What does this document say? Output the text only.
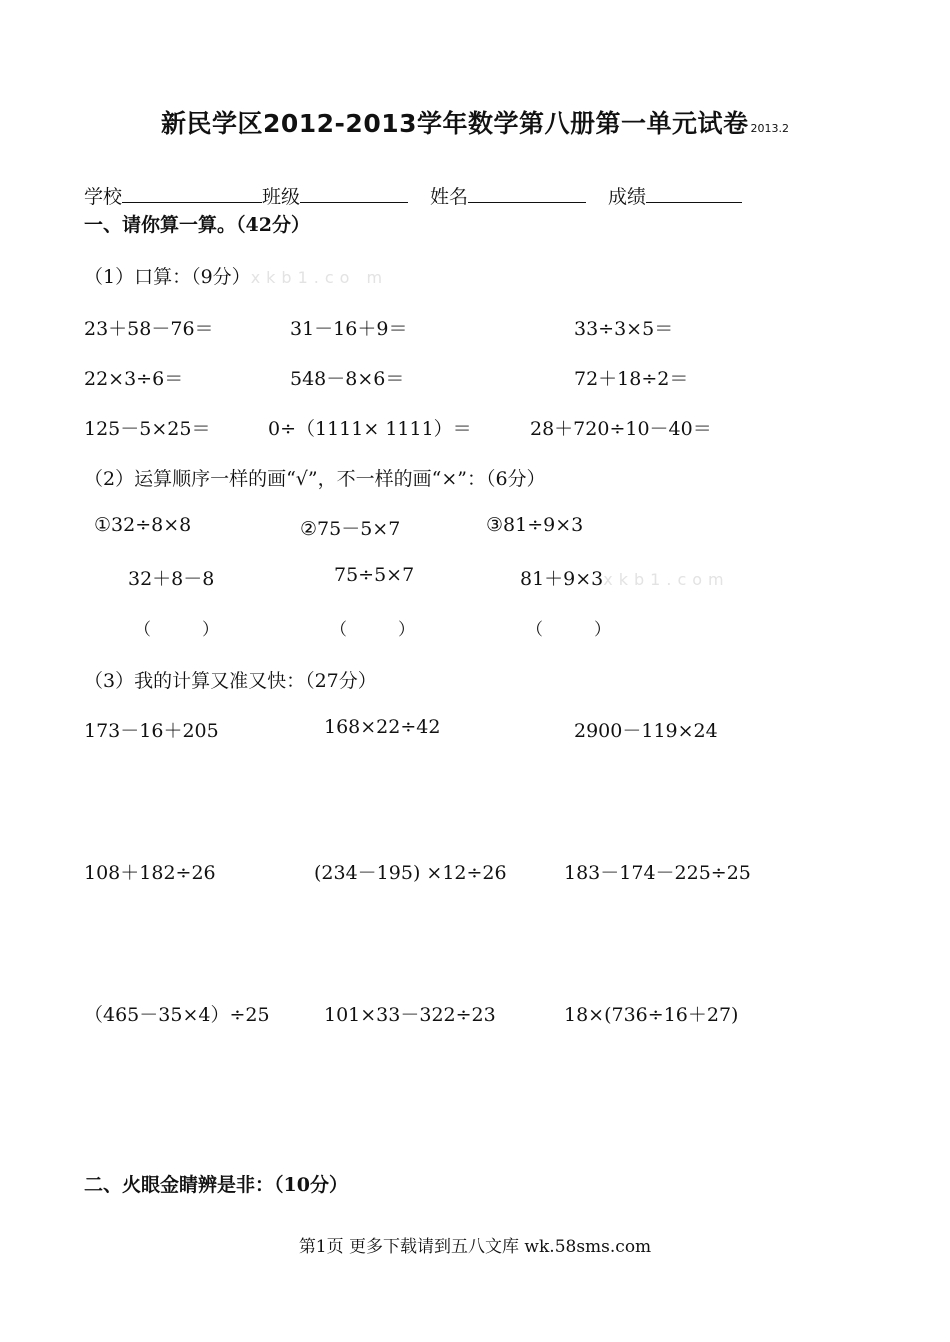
新民学区2012-2013学年数学第八册第一单元试卷 2013.2
学校	班级	姓名	成绩
一、请你算一算。（42分）
（1）口算：（9分）xkb1.co m
23＋58－76＝	31－16＋9＝	33÷3×5＝
22×3÷6＝	548－8×6＝	72＋18÷2＝
125－5×25＝	0÷（1111× 1111）＝	28＋720÷10－40＝
（2）运算顺序一样的画“√”，不一样的画“×”：（6分）
①32÷8×8	②75－5×7	③81÷9×3
32＋8－8	75÷5×7	81＋9×3xkb1.com
（　　　）	（　　　）	（　　　）
（3）我的计算又准又快：（27分）
173－16＋205	168×22÷42	2900－119×24
108＋182÷26	(234－195) ×12÷26	183－174－225÷25
（465－35×4）÷25	101×33－322÷23	18×(736÷16＋27)
二、火眼金睛辨是非：（10分）
第1页 更多下载请到五八文库 wk.58sms.com
